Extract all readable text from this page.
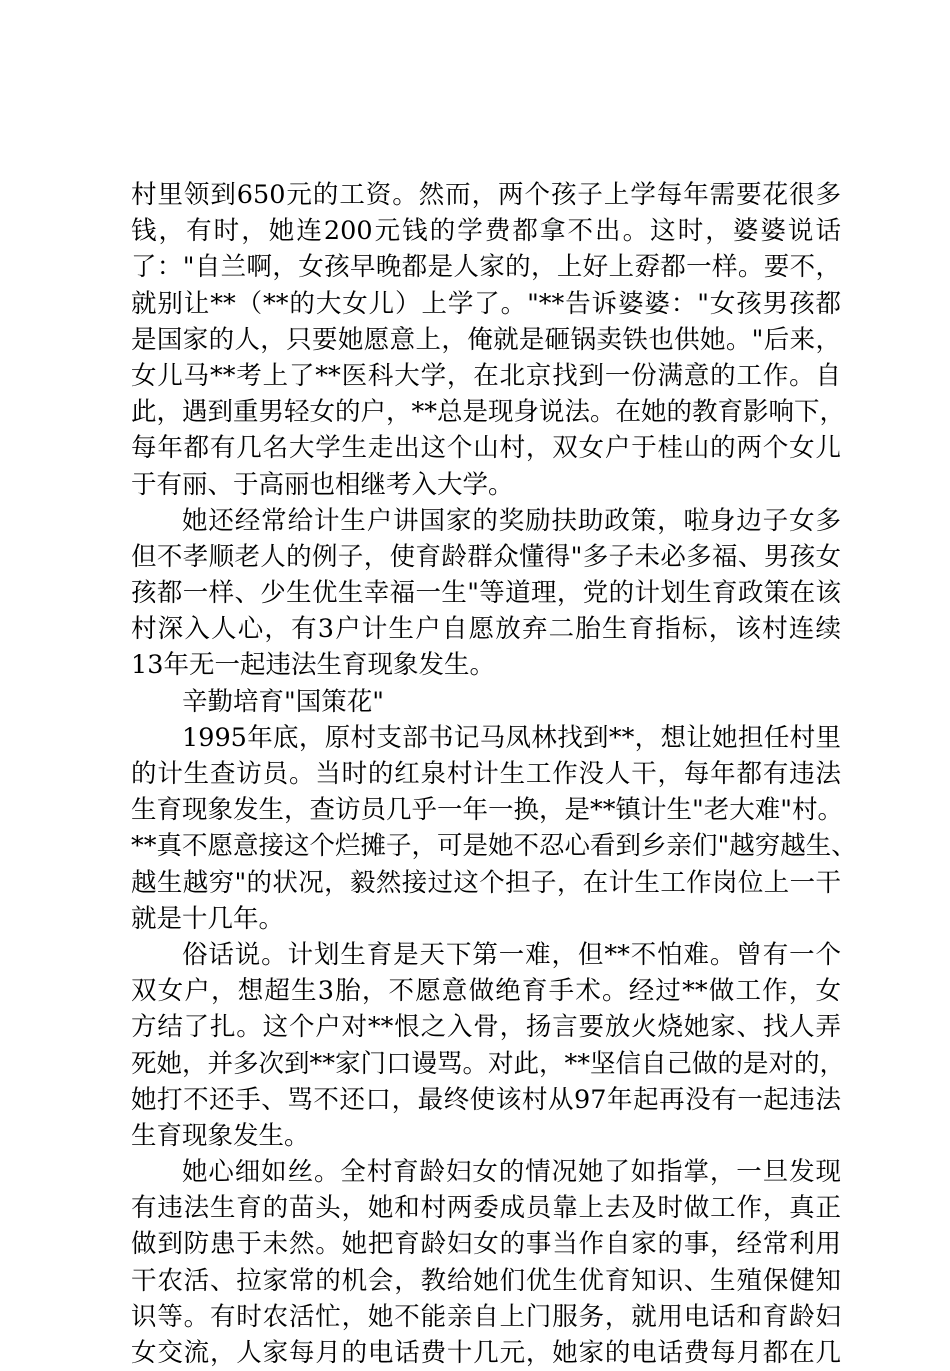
村里领到650元的工资。然而，两个孩子上学每年需要花很多
钱，有时，她连200元钱的学费都拿不出。这时，婆婆说话
了："自兰啊，女孩早晚都是人家的，上好上孬都一样。要不，
就别让**（**的大女儿）上学了。"**告诉婆婆："女孩男孩都
是国家的人，只要她愿意上，俺就是砸锅卖铁也供她。"后来，
女儿马**考上了**医科大学，在北京找到一份满意的工作。自
此，遇到重男轻女的户，**总是现身说法。在她的教育影响下，
每年都有几名大学生走出这个山村，双女户于桂山的两个女儿
于有丽、于高丽也相继考入大学。
她还经常给计生户讲国家的奖励扶助政策，啦身边子女多
但不孝顺老人的例子，使育龄群众懂得"多子未必多福、男孩女
孩都一样、少生优生幸福一生"等道理，党的计划生育政策在该
村深入人心，有3户计生户自愿放弃二胎生育指标，该村连续
13年无一起违法生育现象发生。
辛勤培育"国策花"
1995年底，原村支部书记马凤林找到**，想让她担任村里
的计生查访员。当时的红泉村计生工作没人干，每年都有违法
生育现象发生，查访员几乎一年一换，是**镇计生"老大难"村。
**真不愿意接这个烂摊子，可是她不忍心看到乡亲们"越穷越生、
越生越穷"的状况，毅然接过这个担子，在计生工作岗位上一干
就是十几年。
俗话说。计划生育是天下第一难，但**不怕难。曾有一个
双女户，想超生3胎，不愿意做绝育手术。经过**做工作，女
方结了扎。这个户对**恨之入骨，扬言要放火烧她家、找人弄
死她，并多次到**家门口谩骂。对此，**坚信自己做的是对的，
她打不还手、骂不还口，最终使该村从97年起再没有一起违法
生育现象发生。
她心细如丝。全村育龄妇女的情况她了如指掌，一旦发现
有违法生育的苗头，她和村两委成员靠上去及时做工作，真正
做到防患于未然。她把育龄妇女的事当作自家的事，经常利用
干农活、拉家常的机会，教给她们优生优育知识、生殖保健知
识等。有时农活忙，她不能亲自上门服务，就用电话和育龄妇
女交流，人家每月的电话费十几元，她家的电话费每月都在几
